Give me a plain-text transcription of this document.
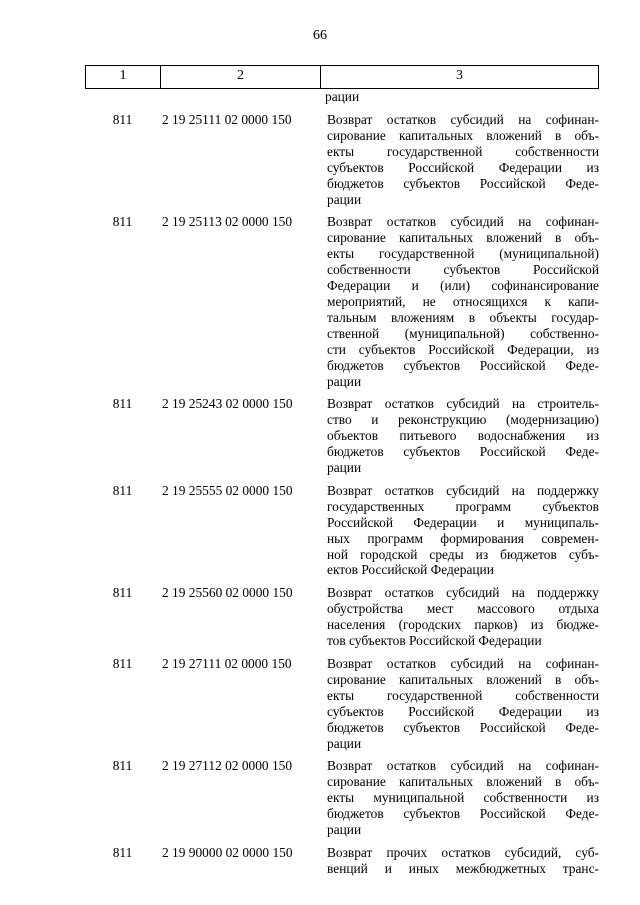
66
1	2	3
рации
811	2 19 25111 02 0000 150	Возврат остатков субсидий на софинан-
сирование капитальных вложений в объ-
екты государственной собственности
субъектов Российской Федерации из
бюджетов субъектов Российской Феде-
рации
811	2 19 25113 02 0000 150	Возврат остатков субсидий на софинан-
сирование капитальных вложений в объ-
екты государственной (муниципальной)
собственности субъектов Российской
Федерации и (или) софинансирование
мероприятий, не относящихся к капи-
тальным вложениям в объекты государ-
ственной (муниципальной) собственно-
сти субъектов Российской Федерации, из
бюджетов субъектов Российской Феде-
рации
811	2 19 25243 02 0000 150	Возврат остатков субсидий на строитель-
ство и реконструкцию (модернизацию)
объектов питьевого водоснабжения из
бюджетов субъектов Российской Феде-
рации
811	2 19 25555 02 0000 150	Возврат остатков субсидий на поддержку
государственных программ субъектов
Российской Федерации и муниципаль-
ных программ формирования современ-
ной городской среды из бюджетов субъ-
ектов Российской Федерации
811	2 19 25560 02 0000 150	Возврат остатков субсидий на поддержку
обустройства мест массового отдыха
населения (городских парков) из бюдже-
тов субъектов Российской Федерации
811	2 19 27111 02 0000 150	Возврат остатков субсидий на софинан-
сирование капитальных вложений в объ-
екты государственной собственности
субъектов Российской Федерации из
бюджетов субъектов Российской Феде-
рации
811	2 19 27112 02 0000 150	Возврат остатков субсидий на софинан-
сирование капитальных вложений в объ-
екты муниципальной собственности из
бюджетов субъектов Российской Феде-
рации
811	2 19 90000 02 0000 150	Возврат прочих остатков субсидий, суб-
венций и иных межбюджетных транс-
